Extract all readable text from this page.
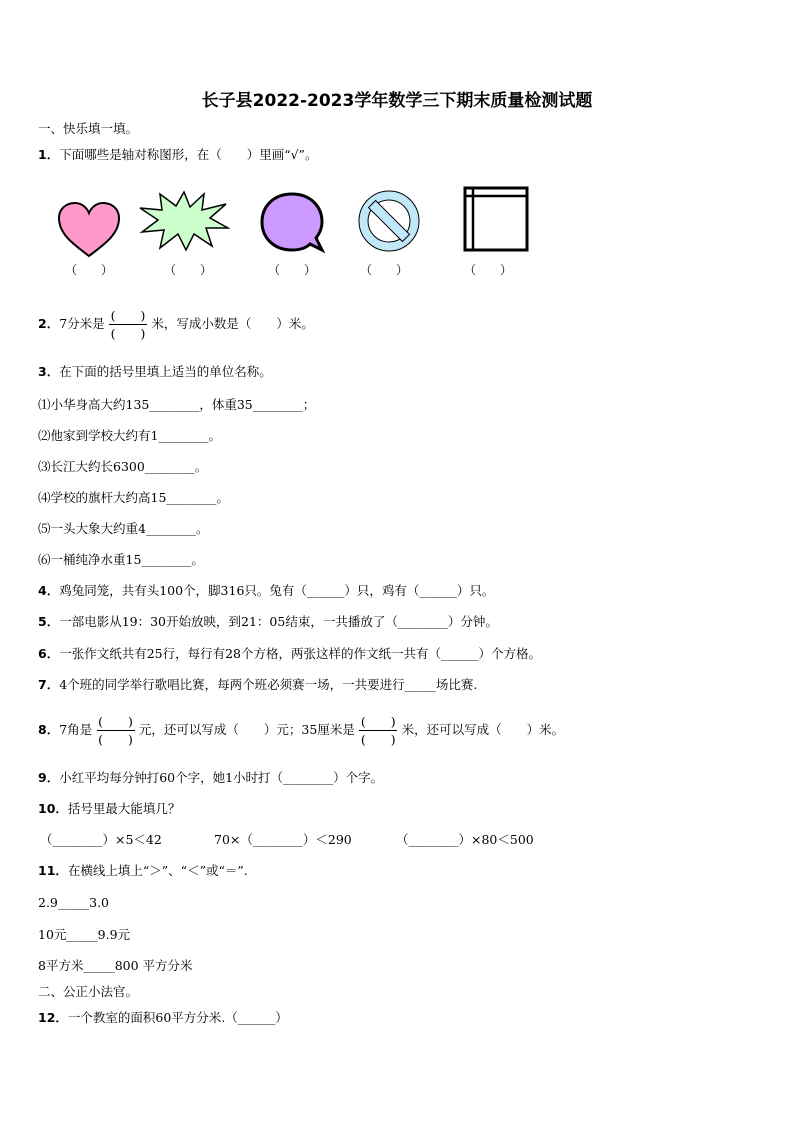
长子县2022-2023学年数学三下期末质量检测试题
一、快乐填一填。
1．下面哪些是轴对称图形，在（　　）里画“√”。
（　　）	（　　）	（　　）	（　　）	（　　）
2．7分米是 $\frac{( )}{( )}$ 米，写成小数是（　　）米。
3．在下面的括号里填上适当的单位名称。
⑴小华身高大约135________，体重35________；
⑵他家到学校大约有1________。
⑶长江大约长6300________。
⑷学校的旗杆大约高15________。
⑸一头大象大约重4________。
⑹一桶纯净水重15________。
4．鸡兔同笼，共有头100个，脚316只。兔有（______）只，鸡有（______）只。
5．一部电影从19：30开始放映，到21：05结束，一共播放了（________）分钟。
6．一张作文纸共有25行，每行有28个方格，两张这样的作文纸一共有（______）个方格。
7．4个班的同学举行歌唱比赛，每两个班必须赛一场，一共要进行_____场比赛.
8．7角是 $\frac{( )}{( )}$ 元，还可以写成（　　）元；35厘米是 $\frac{( )}{( )}$ 米，还可以写成（　　）米。
9．小红平均每分钟打60个字，她1小时打（________）个字。
10．括号里最大能填几？
（________）×5＜42	70×（________）＜290	（________）×80＜500
11．在横线上填上“＞”、“＜”或“＝”.
2.9_____3.0
10元_____9.9元
8平方米_____800 平方分米
二、公正小法官。
12．一个教室的面积60平方分米.（______）
